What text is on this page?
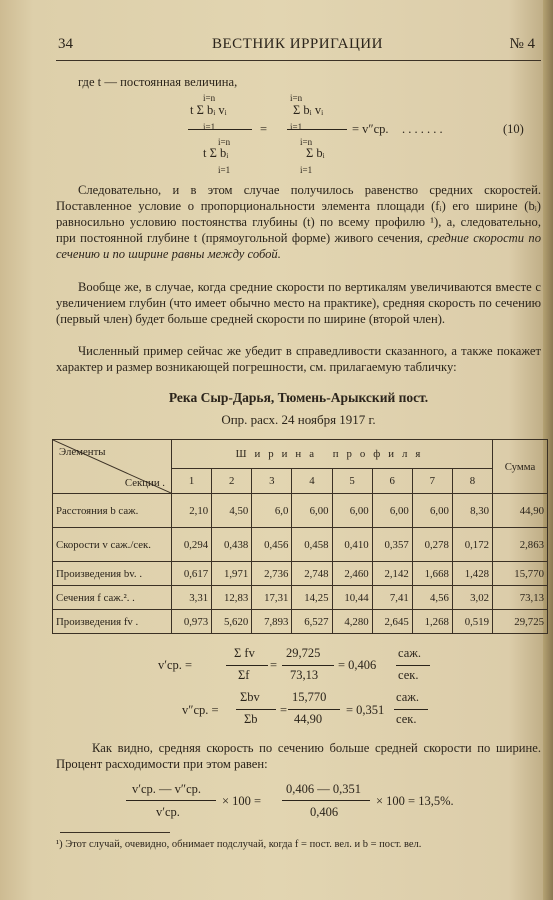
34	ВЕСТНИК ИРРИГАЦИИ	№ 4
где t — постоянная величина,
i=n
t Σ bᵢ vᵢ
i=1
i=n
t Σ bᵢ
i=1
=
i=n
Σ bᵢ vᵢ
i=1
i=n
Σ bᵢ
i=1
= v″ср. . . . . . . .	(10)
Следовательно, и в этом случае получилось равенство средних скоростей. Поставленное условие о пропорциональности элемента площади (fᵢ) его ширине (bᵢ) равносильно условию постоянства глубины (t) по всему профилю ¹), а, следовательно, при постоянной глубине t (прямоугольной форме) живого сечения, средние скорости по сечению и по ширине равны между собой.
Вообще же, в случае, когда средние скорости по вертикалям увеличиваются вместе с увеличением глубин (что имеет обычно место на практике), средняя скорость по сечению (первый член) будет больше средней скорости по ширине (второй член).
Численный пример сейчас же убедит в справедливости сказанного, а также покажет характер и размер возникающей погрешности, см. прилагаемую табличку:
Река Сыр-Дарья, Тюмень-Арыкский пост.
Опр. расх. 24 ноября 1917 г.
Элементы
Секции .	Ширина профиля								Сумма
	1	2	3	4	5	6	7	8	
Расстояния b саж.	2,10	4,50	6,0	6,00	6,00	6,00	6,00	8,30	44,90
Скорости v саж./сек.	0,294	0,438	0,456	0,458	0,410	0,357	0,278	0,172	2,863
Произведения bv. .	0,617	1,971	2,736	2,748	2,460	2,142	1,668	1,428	15,770
Сечения f саж.². .	3,31	12,83	17,31	14,25	10,44	7,41	4,56	3,02	73,13
Произведения fv .	0,973	5,620	7,893	6,527	4,280	2,645	1,268	0,519	29,725
v′ср. =
Σ fv
Σf
=
29,725
73,13
= 0,406
саж.
сек.
v″ср. =
Σbv
Σb
=
15,770
44,90
= 0,351
саж.
сек.
Как видно, средняя скорость по сечению больше средней скорости по ширине. Процент расходимости при этом равен:
v′ср. — v″ср.
v′ср.
× 100 =
0,406 — 0,351
0,406
× 100 = 13,5%.
¹) Этот случай, очевидно, обнимает подслучай, когда f = пост. вел. и b = пост. вел.
